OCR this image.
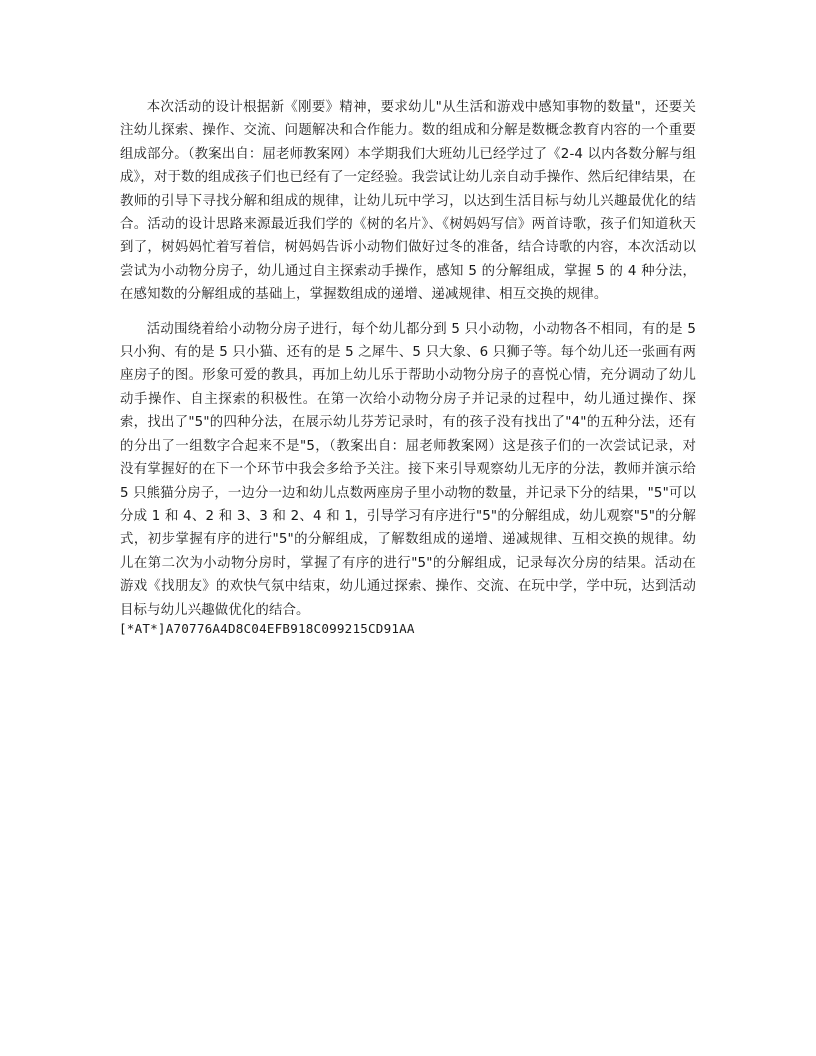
本次活动的设计根据新《刚要》精神，要求幼儿"从生活和游戏中感知事物的数量"，还要关注幼儿探索、操作、交流、问题解决和合作能力。数的组成和分解是数概念教育内容的一个重要组成部分。（教案出自：屈老师教案网）本学期我们大班幼儿已经学过了《2-4 以内各数分解与组成》，对于数的组成孩子们也已经有了一定经验。我尝试让幼儿亲自动手操作、然后纪律结果，在教师的引导下寻找分解和组成的规律，让幼儿玩中学习，以达到生活目标与幼儿兴趣最优化的结合。活动的设计思路来源最近我们学的《树的名片》、《树妈妈写信》两首诗歌，孩子们知道秋天到了，树妈妈忙着写着信，树妈妈告诉小动物们做好过冬的准备，结合诗歌的内容，本次活动以尝试为小动物分房子，幼儿通过自主探索动手操作，感知 5 的分解组成，掌握 5 的 4 种分法，在感知数的分解组成的基础上，掌握数组成的递增、递减规律、相互交换的规律。

活动围绕着给小动物分房子进行，每个幼儿都分到 5 只小动物，小动物各不相同，有的是 5 只小狗、有的是 5 只小猫、还有的是 5 之犀牛、5 只大象、6 只狮子等。每个幼儿还一张画有两座房子的图。形象可爱的教具，再加上幼儿乐于帮助小动物分房子的喜悦心情，充分调动了幼儿动手操作、自主探索的积极性。在第一次给小动物分房子并记录的过程中，幼儿通过操作、探索，找出了"5"的四种分法，在展示幼儿芬芳记录时，有的孩子没有找出了"4"的五种分法，还有的分出了一组数字合起来不是"5，（教案出自：屈老师教案网）这是孩子们的一次尝试记录，对没有掌握好的在下一个环节中我会多给予关注。接下来引导观察幼儿无序的分法，教师并演示给 5 只熊猫分房子，一边分一边和幼儿点数两座房子里小动物的数量，并记录下分的结果，"5"可以分成 1 和 4、2 和 3、3 和 2、4 和 1，引导学习有序进行"5"的分解组成，幼儿观察"5"的分解式，初步掌握有序的进行"5"的分解组成，了解数组成的递增、递减规律、互相交换的规律。幼儿在第二次为小动物分房时，掌握了有序的进行"5"的分解组成，记录每次分房的结果。活动在游戏《找朋友》的欢快气氛中结束，幼儿通过探索、操作、交流、在玩中学，学中玩，达到活动目标与幼儿兴趣做优化的结合。

[*AT*]A70776A4D8C04EFB918C099215CD91AA
